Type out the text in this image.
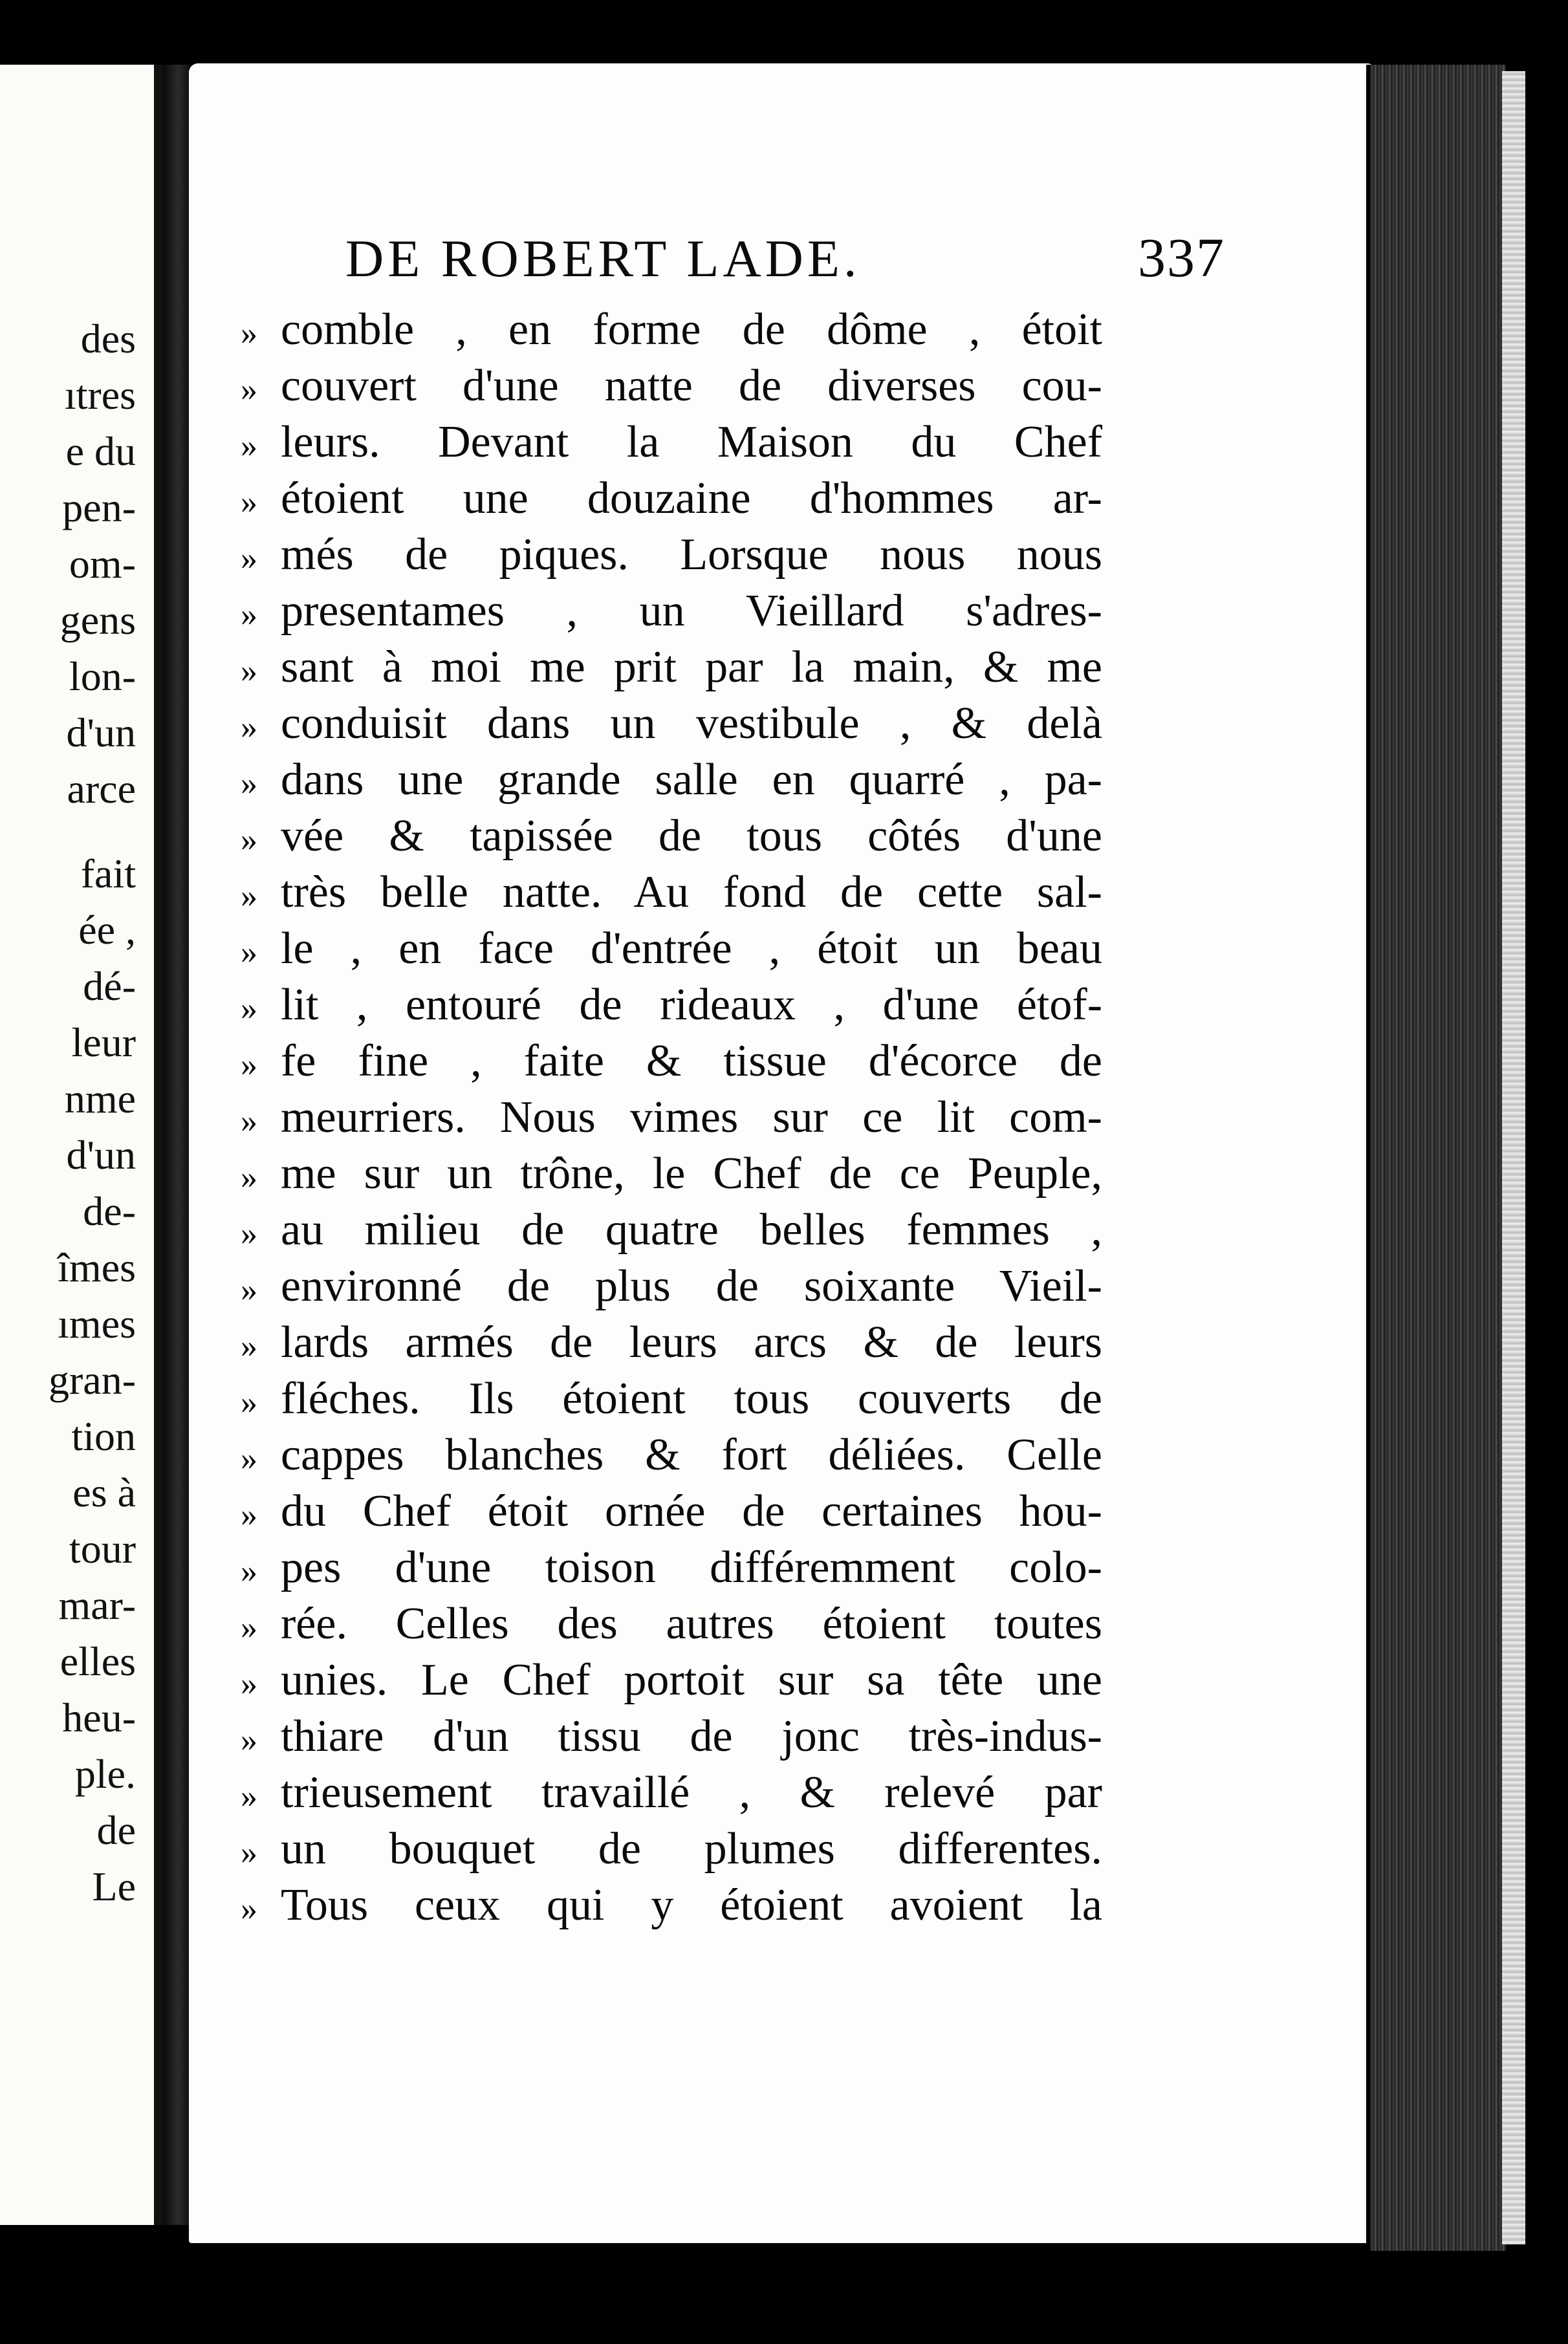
des
ıtres
e du
pen-
om-
gens
lon-
d'un
arce
fait
ée ,
dé-
leur
nme
d'un
de-
îmes
ımes
gran-
tion
es à
tour
mar-
elles
heu-
ple.
de
Le
DE ROBERT LADE.	337
» comble , en forme de dôme , étoit
» couvert d'une natte de diverses cou-
» leurs. Devant la Maison du Chef
» étoient une douzaine d'hommes ar-
» més de piques. Lorsque nous nous
» presentames , un Vieillard s'adres-
» sant à moi me prit par la main, & me
» conduisit dans un vestibule , & delà
» dans une grande salle en quarré , pa-
» vée & tapissée de tous côtés d'une
» très belle natte. Au fond de cette sal-
» le , en face d'entrée , étoit un beau
» lit , entouré de rideaux , d'une étof-
» fe fine , faite & tissue d'écorce de
» meurriers. Nous vimes sur ce lit com-
» me sur un trône, le Chef de ce Peuple,
» au milieu de quatre belles femmes ,
» environné de plus de soixante Vieil-
» lards armés de leurs arcs & de leurs
» fléches. Ils étoient tous couverts de
» cappes blanches & fort déliées. Celle
» du Chef étoit ornée de certaines hou-
» pes d'une toison différemment colo-
» rée. Celles des autres étoient toutes
» unies. Le Chef portoit sur sa tête une
» thiare d'un tissu de jonc très-indus-
» trieusement travaillé , & relevé par
» un bouquet de plumes differentes.
» Tous ceux qui y étoient avoient la
